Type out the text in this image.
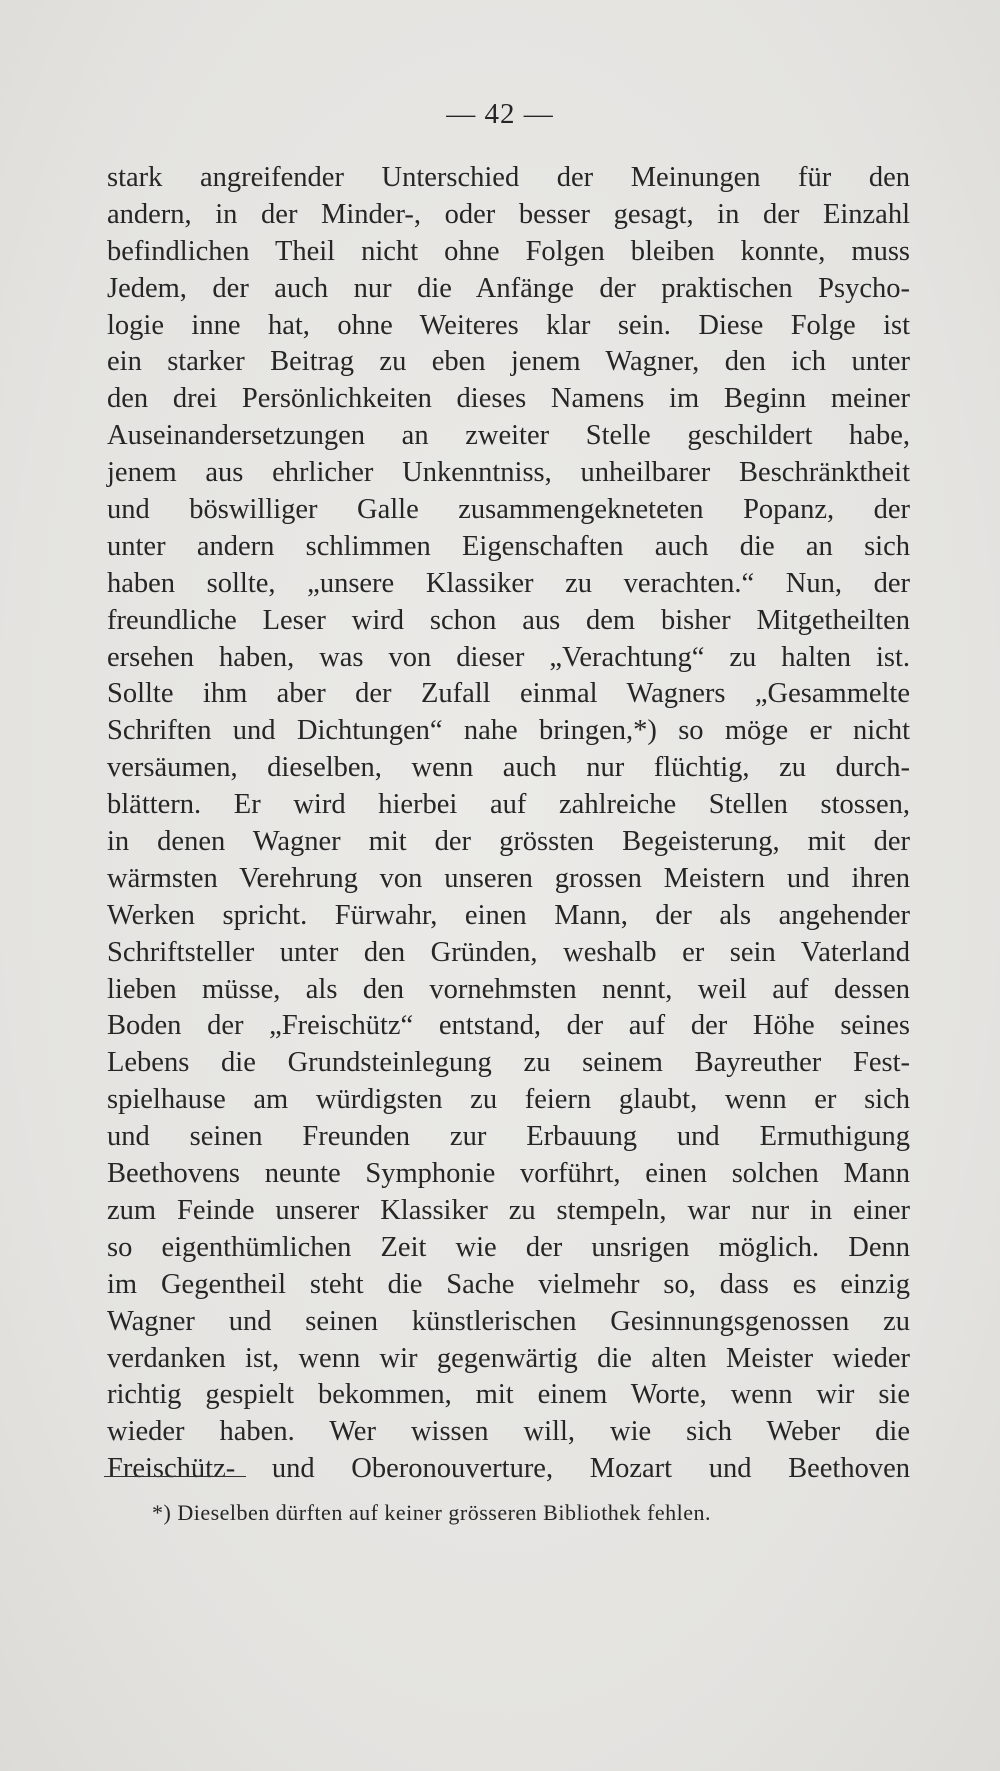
— 42 —
stark angreifender Unterschied der Meinungen für den
andern, in der Minder-, oder besser gesagt, in der Einzahl
befindlichen Theil nicht ohne Folgen bleiben konnte, muss
Jedem, der auch nur die Anfänge der praktischen Psycho-
logie inne hat, ohne Weiteres klar sein. Diese Folge ist
ein starker Beitrag zu eben jenem Wagner, den ich unter
den drei Persönlichkeiten dieses Namens im Beginn meiner
Auseinandersetzungen an zweiter Stelle geschildert habe,
jenem aus ehrlicher Unkenntniss, unheilbarer Beschränktheit
und böswilliger Galle zusammengekneteten Popanz, der
unter andern schlimmen Eigenschaften auch die an sich
haben sollte, „unsere Klassiker zu verachten.“ Nun, der
freundliche Leser wird schon aus dem bisher Mitgetheilten
ersehen haben, was von dieser „Verachtung“ zu halten ist.
Sollte ihm aber der Zufall einmal Wagners „Gesammelte
Schriften und Dichtungen“ nahe bringen,*) so möge er nicht
versäumen, dieselben, wenn auch nur flüchtig, zu durch-
blättern. Er wird hierbei auf zahlreiche Stellen stossen,
in denen Wagner mit der grössten Begeisterung, mit der
wärmsten Verehrung von unseren grossen Meistern und ihren
Werken spricht. Fürwahr, einen Mann, der als angehender
Schriftsteller unter den Gründen, weshalb er sein Vaterland
lieben müsse, als den vornehmsten nennt, weil auf dessen
Boden der „Freischütz“ entstand, der auf der Höhe seines
Lebens die Grundsteinlegung zu seinem Bayreuther Fest-
spielhause am würdigsten zu feiern glaubt, wenn er sich
und seinen Freunden zur Erbauung und Ermuthigung
Beethovens neunte Symphonie vorführt, einen solchen Mann
zum Feinde unserer Klassiker zu stempeln, war nur in einer
so eigenthümlichen Zeit wie der unsrigen möglich. Denn
im Gegentheil steht die Sache vielmehr so, dass es einzig
Wagner und seinen künstlerischen Gesinnungsgenossen zu
verdanken ist, wenn wir gegenwärtig die alten Meister wieder
richtig gespielt bekommen, mit einem Worte, wenn wir sie
wieder haben. Wer wissen will, wie sich Weber die
Freischütz- und Oberonouverture, Mozart und Beethoven
*) Dieselben dürften auf keiner grösseren Bibliothek fehlen.
